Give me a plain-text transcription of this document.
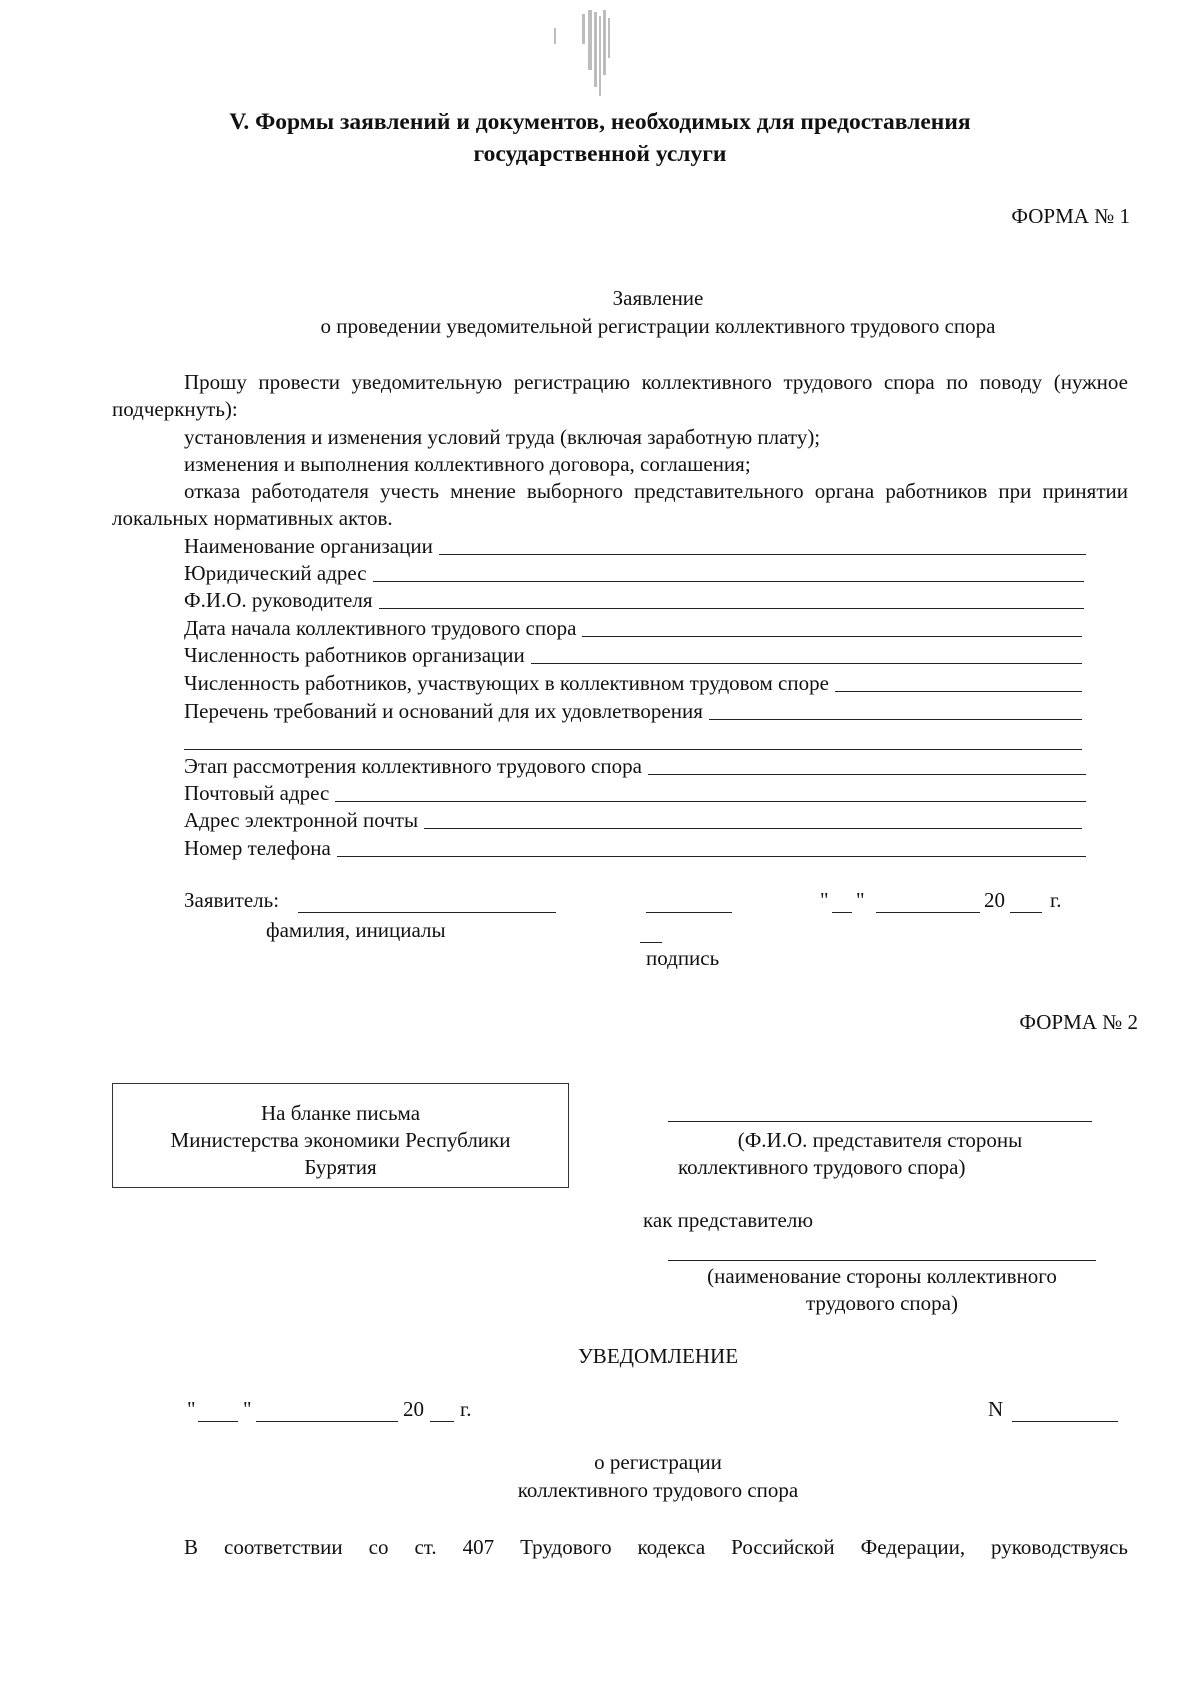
V. Формы заявлений и документов, необходимых для предоставления
государственной услуги
ФОРМА № 1
Заявление
о проведении уведомительной регистрации коллективного трудового спора
Прошу провести уведомительную регистрацию коллективного трудового спора по поводу (нужное подчеркнуть):
установления и изменения условий труда (включая заработную плату);
изменения и выполнения коллективного договора, соглашения;
отказа работодателя учесть мнение выборного представительного органа работников при принятии локальных нормативных актов.
Наименование организации
Юридический адрес
Ф.И.О. руководителя
Дата начала коллективного трудового спора
Численность работников организации
Численность работников, участвующих в коллективном трудовом споре
Перечень требований и оснований для их удовлетворения
Этап рассмотрения коллективного трудового спора
Почтовый адрес
Адрес электронной почты
Номер телефона
Заявитель:	" "	20 г.
фамилия, инициалы
подпись
ФОРМА № 2
На бланке письма
Министерства экономики Республики
Бурятия
(Ф.И.О. представителя стороны
коллективного трудового спора)
как представителю
(наименование стороны коллективного
трудового спора)
УВЕДОМЛЕНИЕ
" "	20 г.	N
о регистрации
коллективного трудового спора
В соответствии со ст. 407 Трудового кодекса Российской Федерации, руководствуясь
